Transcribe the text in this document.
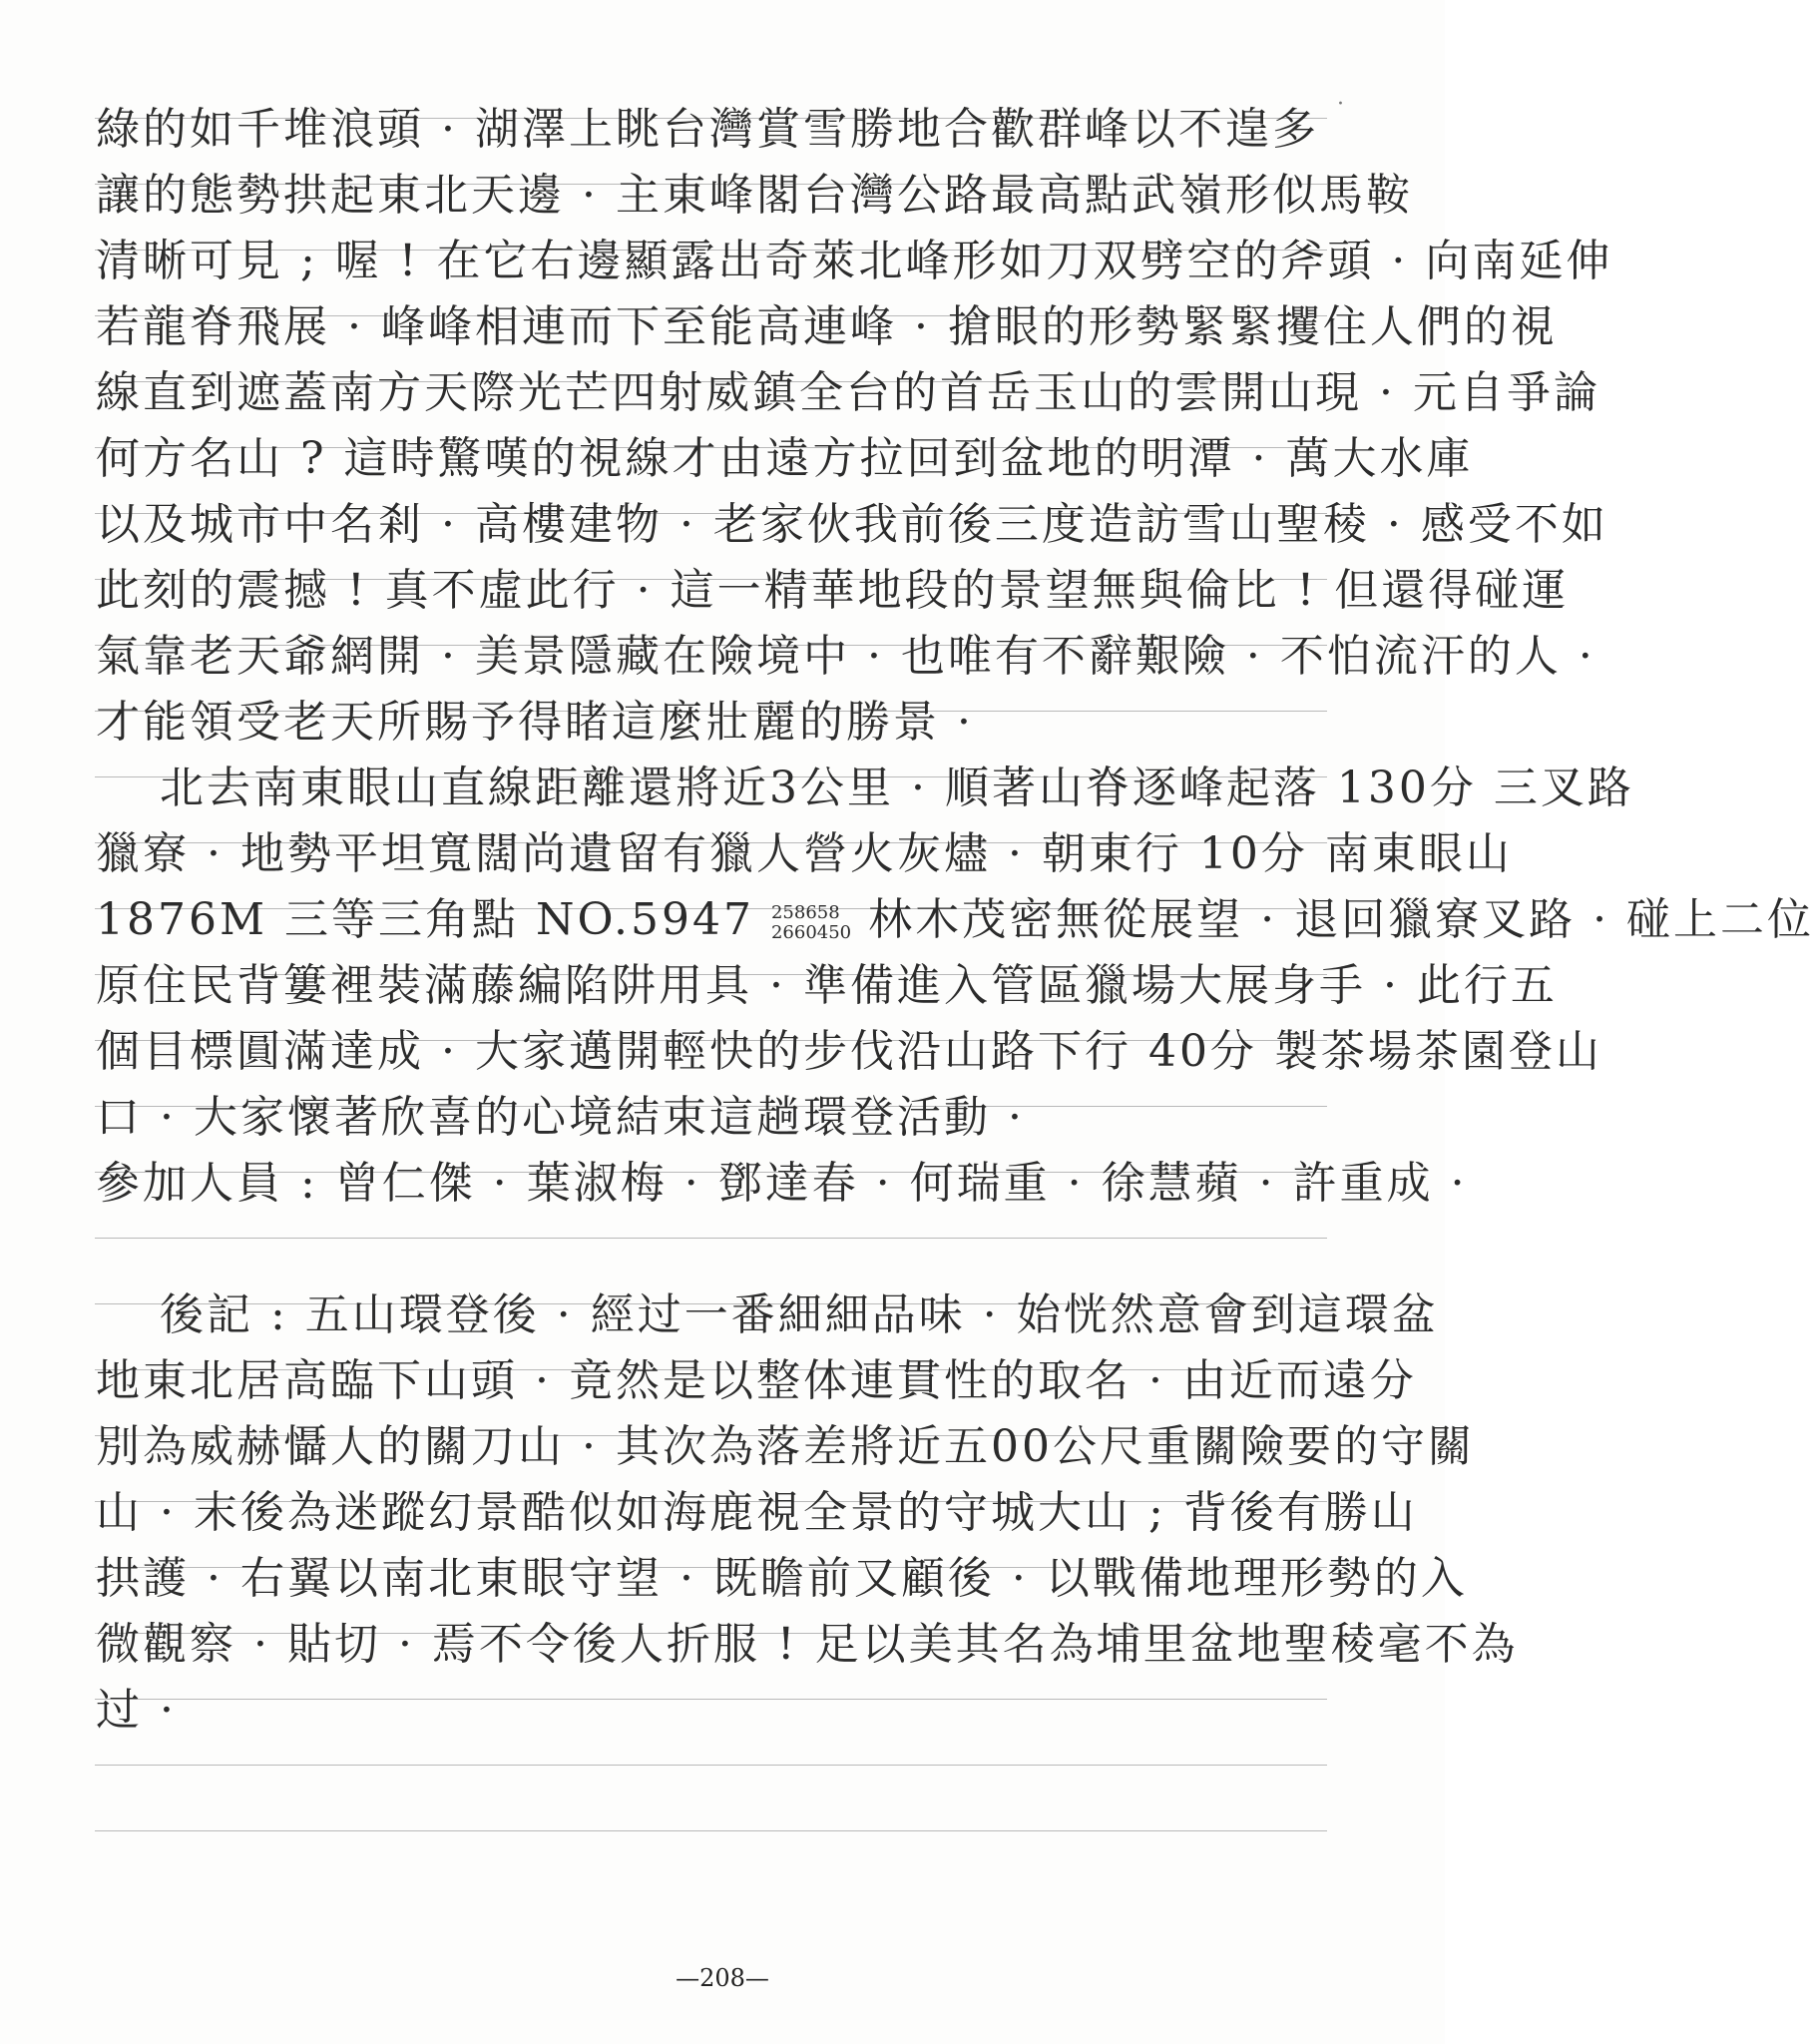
·
綠的如千堆浪頭 · 湖澤上眺台灣賞雪勝地合歡群峰以不遑多
讓的態勢拱起東北天邊 · 主東峰閣台灣公路最高點武嶺形似馬鞍
清晰可見 ; 喔 ! 在它右邊顯露出奇萊北峰形如刀双劈空的斧頭 · 向南延伸
若龍脊飛展 · 峰峰相連而下至能高連峰 · 搶眼的形勢緊緊攫住人們的視
線直到遮蓋南方天際光芒四射威鎮全台的首岳玉山的雲開山現 · 元自爭論
何方名山 ? 這時驚嘆的視線才由遠方拉回到盆地的明潭 · 萬大水庫
以及城市中名剎 · 高樓建物 · 老家伙我前後三度造訪雪山聖稜 · 感受不如
此刻的震撼 ! 真不虛此行 · 這一精華地段的景望無與倫比 ! 但還得碰運
氣靠老天爺網開 · 美景隱藏在險境中 · 也唯有不辭艱險 · 不怕流汗的人 ·
才能領受老天所賜予得睹這麼壯麗的勝景 ·
　 北去南東眼山直線距離還將近3公里 · 順著山脊逐峰起落 130分 三叉路
獵寮 · 地勢平坦寬闊尚遺留有獵人營火灰燼 · 朝東行 10分 南東眼山
1876M 三等三角點 NO.5947 258658
2660450 林木茂密無從展望 · 退回獵寮叉路 · 碰上二位
原住民背簍裡裝滿藤編陷阱用具 · 準備進入管區獵場大展身手 · 此行五
個目標圓滿達成 · 大家邁開輕快的步伐沿山路下行 40分 製茶場茶園登山
口 · 大家懷著欣喜的心境結束這趟環登活動 ·
參加人員 : 曾仁傑 · 葉淑梅 · 鄧達春 · 何瑞重 · 徐慧蘋 · 許重成 ·
　 後記 : 五山環登後 · 經过一番細細品味 · 始恍然意會到這環盆
地東北居高臨下山頭 · 竟然是以整体連貫性的取名 · 由近而遠分
別為威赫懾人的關刀山 · 其次為落差將近五00公尺重關險要的守關
山 · 末後為迷蹤幻景酷似如海鹿視全景的守城大山 ; 背後有勝山
拱護 · 右翼以南北東眼守望 · 既瞻前又顧後 · 以戰備地理形勢的入
微觀察 · 貼切 · 焉不令後人折服 ! 足以美其名為埔里盆地聖稜毫不為
过 ·
—208—
